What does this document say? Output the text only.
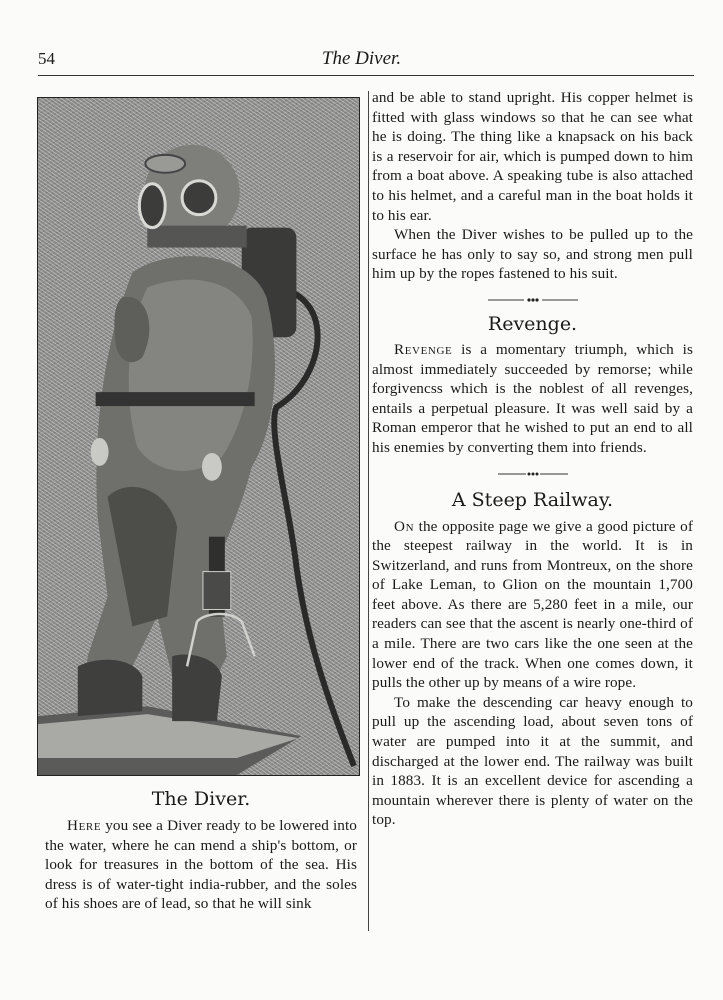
54	The Diver.
The Diver.

Here you see a Diver ready to be lowered into the water, where he can mend a ship's bottom, or look for treasures in the bottom of the sea. His dress is of water-tight india-rubber, and the soles of his shoes are of lead, so that he will sink

and be able to stand upright. His copper helmet is fitted with glass windows so that he can see what he is doing. The thing like a knapsack on his back is a reservoir for air, which is pumped down to him from a boat above. A speaking tube is also attached to his helmet, and a careful man in the boat holds it to his ear.

When the Diver wishes to be pulled up to the surface he has only to say so, and strong men pull him up by the ropes fastened to his suit.

Revenge.

Revenge is a momentary triumph, which is almost immediately succeeded by remorse; while forgivencss which is the noblest of all revenges, entails a perpetual pleasure. It was well said by a Roman emperor that he wished to put an end to all his enemies by converting them into friends.

A Steep Railway.

On the opposite page we give a good picture of the steepest railway in the world. It is in Switzerland, and runs from Montreux, on the shore of Lake Leman, to Glion on the mountain 1,700 feet above. As there are 5,280 feet in a mile, our readers can see that the ascent is nearly one-third of a mile. There are two cars like the one seen at the lower end of the track. When one comes down, it pulls the other up by means of a wire rope.

To make the descending car heavy enough to pull up the ascending load, about seven tons of water are pumped into it at the summit, and discharged at the lower end. The railway was built in 1883. It is an excellent device for ascending a mountain wherever there is plenty of water on the top.
